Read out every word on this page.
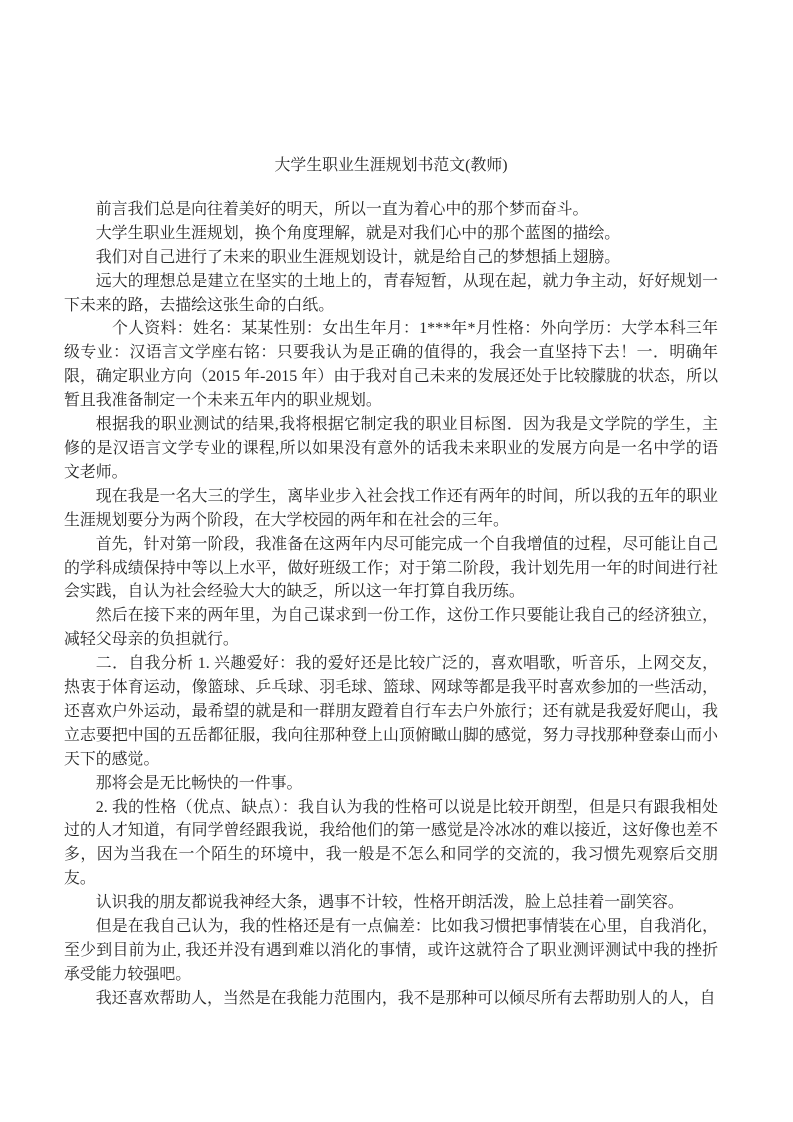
大学生职业生涯规划书范文(教师)

前言我们总是向往着美好的明天，所以一直为着心中的那个梦而奋斗。

大学生职业生涯规划，换个角度理解，就是对我们心中的那个蓝图的描绘。

我们对自己进行了未来的职业生涯规划设计，就是给自己的梦想插上翅膀。

远大的理想总是建立在坚实的土地上的，青春短暂，从现在起，就力争主动，好好规划一下未来的路，去描绘这张生命的白纸。

　个人资料：姓名：某某性别：女出生年月：1***年*月性格：外向学历：大学本科三年级专业：汉语言文学座右铭：只要我认为是正确的值得的，我会一直坚持下去！一．明确年限，确定职业方向（2015 年-2015 年）由于我对自己未来的发展还处于比较朦胧的状态，所以暂且我准备制定一个未来五年内的职业规划。

根据我的职业测试的结果,我将根据它制定我的职业目标图．因为我是文学院的学生，主修的是汉语言文学专业的课程,所以如果没有意外的话我未来职业的发展方向是一名中学的语文老师。

现在我是一名大三的学生，离毕业步入社会找工作还有两年的时间，所以我的五年的职业生涯规划要分为两个阶段，在大学校园的两年和在社会的三年。

首先，针对第一阶段，我准备在这两年内尽可能完成一个自我增值的过程，尽可能让自己的学科成绩保持中等以上水平，做好班级工作；对于第二阶段，我计划先用一年的时间进行社会实践，自认为社会经验大大的缺乏，所以这一年打算自我历练。

然后在接下来的两年里，为自己谋求到一份工作，这份工作只要能让我自己的经济独立，减轻父母亲的负担就行。

二．自我分析 1. 兴趣爱好：我的爱好还是比较广泛的，喜欢唱歌，听音乐，上网交友，热衷于体育运动，像篮球、乒乓球、羽毛球、篮球、网球等都是我平时喜欢参加的一些活动，还喜欢户外运动，最希望的就是和一群朋友蹬着自行车去户外旅行；还有就是我爱好爬山，我立志要把中国的五岳都征服，我向往那种登上山顶俯瞰山脚的感觉，努力寻找那种登泰山而小天下的感觉。

那将会是无比畅快的一件事。

2. 我的性格（优点、缺点）：我自认为我的性格可以说是比较开朗型，但是只有跟我相处过的人才知道，有同学曾经跟我说，我给他们的第一感觉是冷冰冰的难以接近，这好像也差不多，因为当我在一个陌生的环境中，我一般是不怎么和同学的交流的，我习惯先观察后交朋友。

认识我的朋友都说我神经大条，遇事不计较，性格开朗活泼，脸上总挂着一副笑容。

但是在我自己认为，我的性格还是有一点偏差：比如我习惯把事情装在心里，自我消化，至少到目前为止, 我还并没有遇到难以消化的事情，或许这就符合了职业测评测试中我的挫折承受能力较强吧。

我还喜欢帮助人，当然是在我能力范围内，我不是那种可以倾尽所有去帮助别人的人，自
